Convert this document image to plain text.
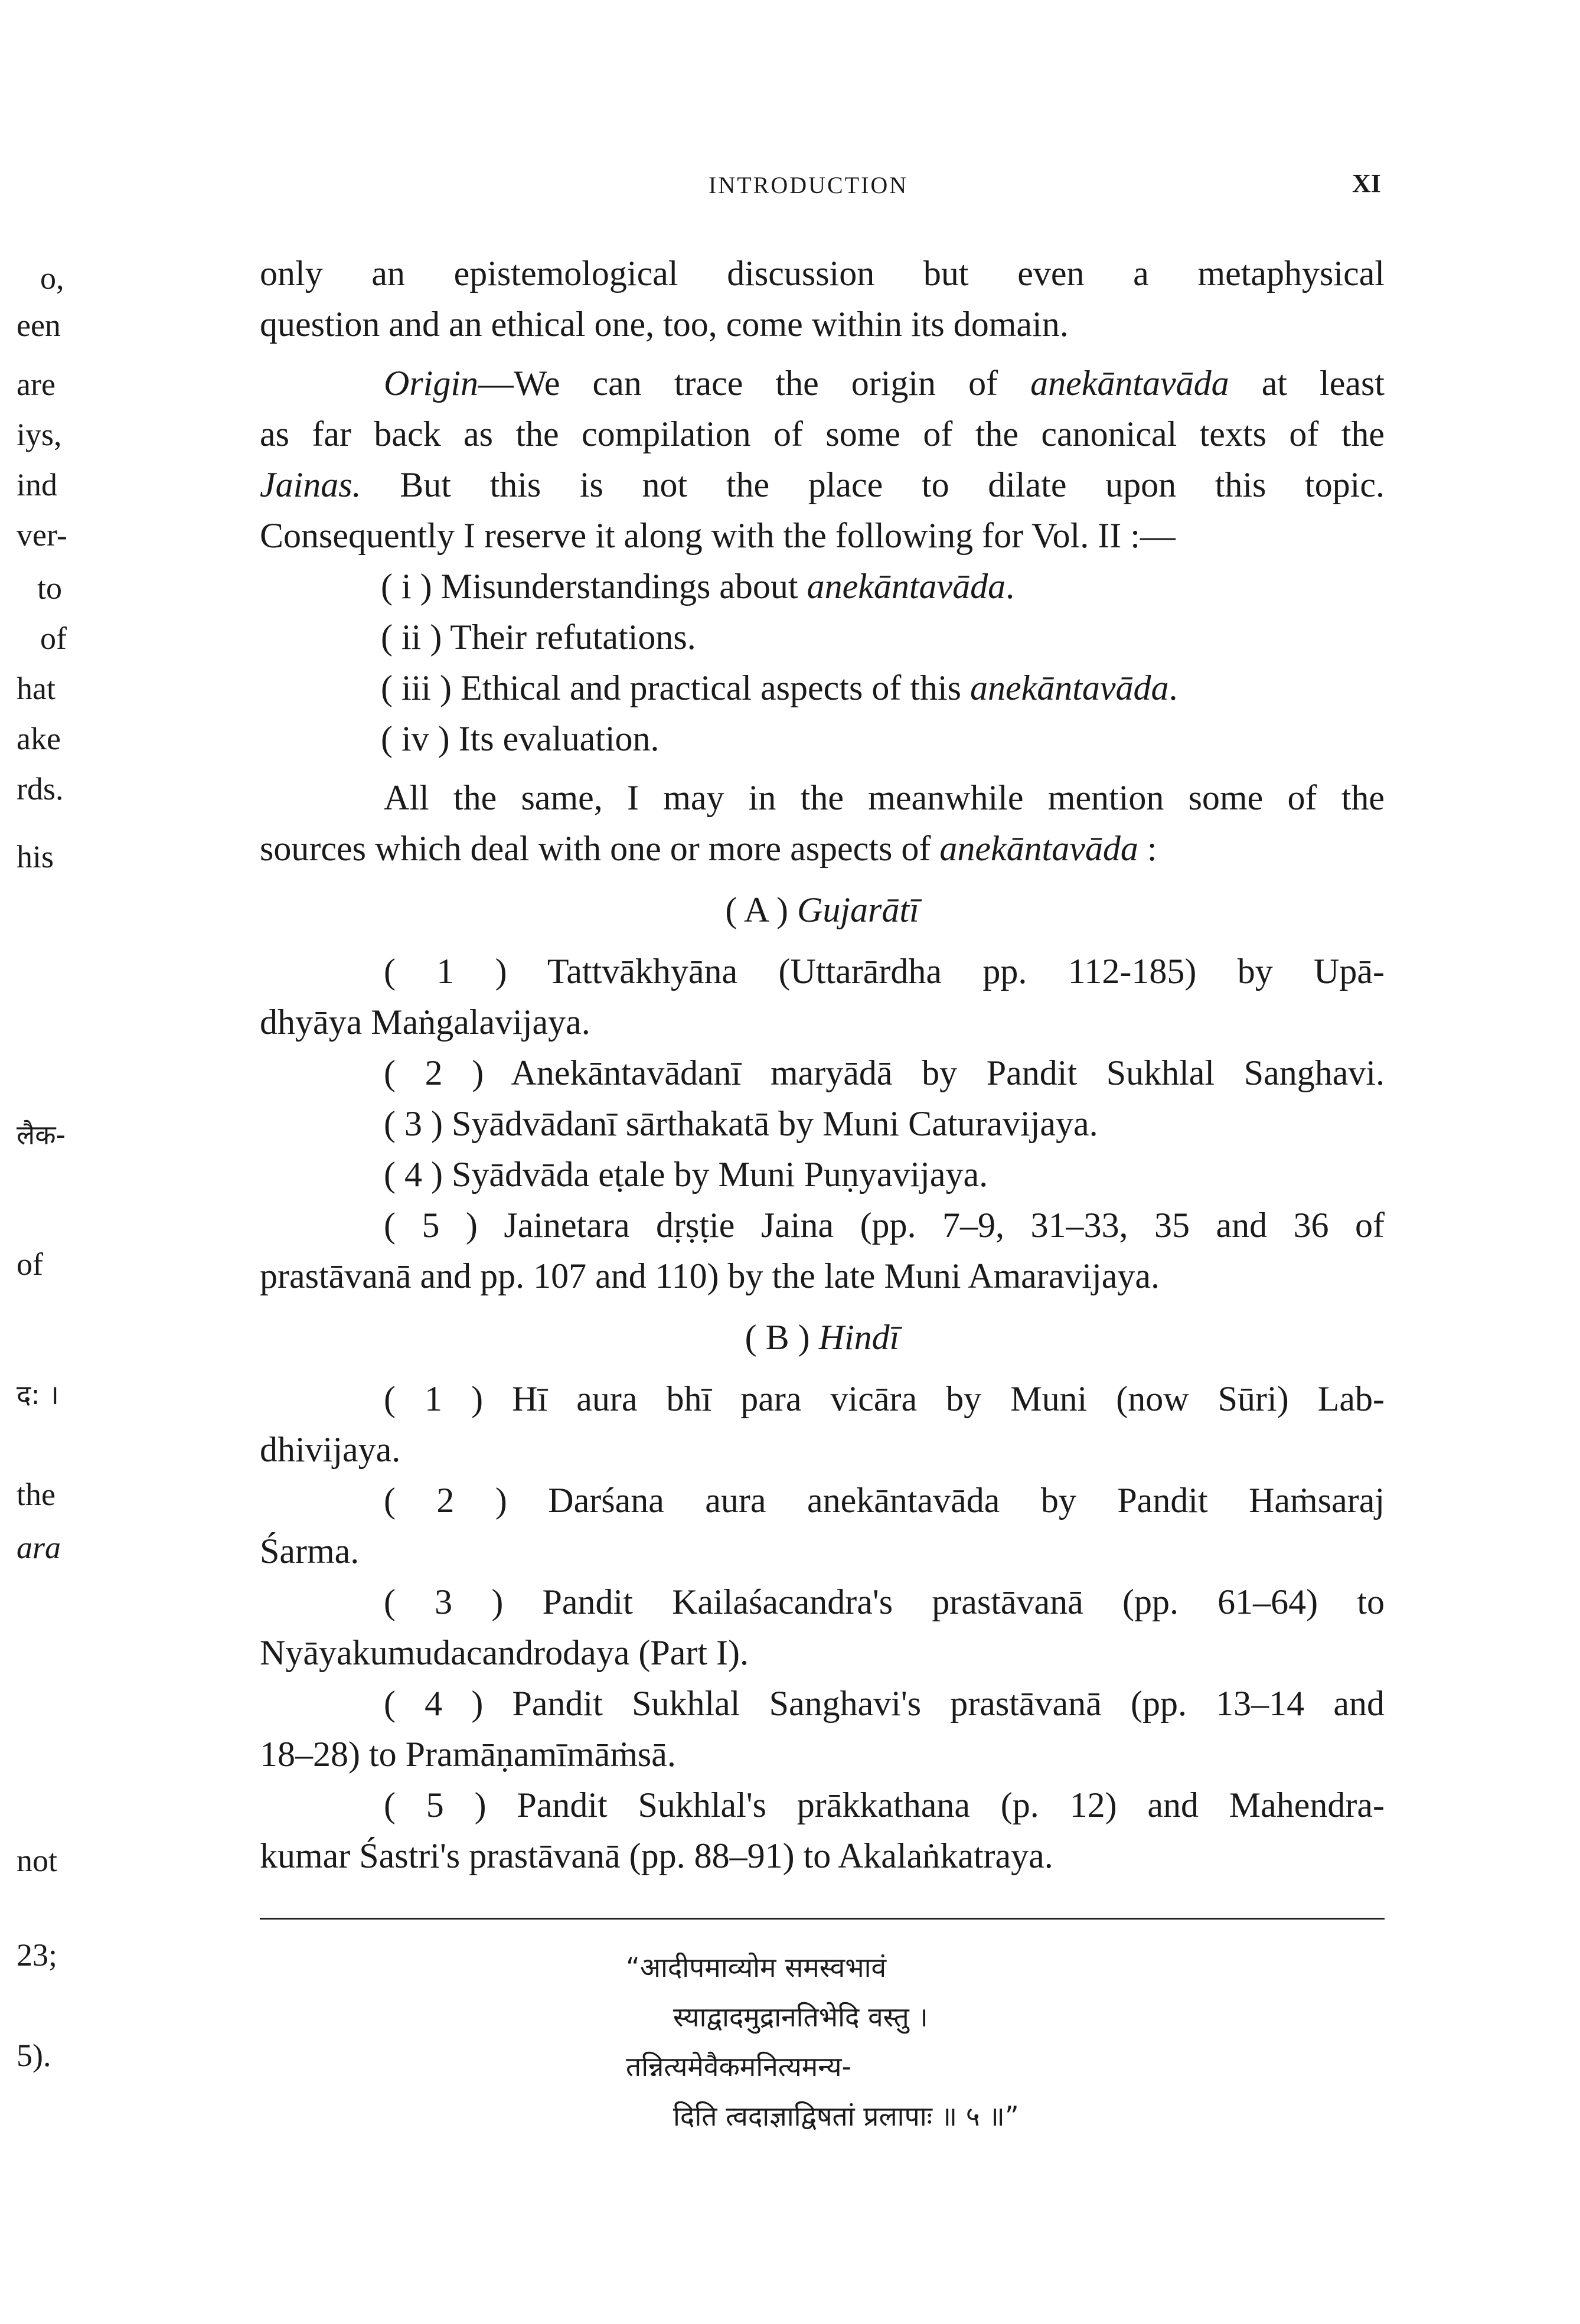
INTRODUCTION	XI
o,
een
are
iys,
ind
ver-
to
of
hat
ake
rds.
his
लैक-
of
द: ।
the
ara
not
23;
5).
only an epistemological discussion but even a metaphysical
question and an ethical one, too, come within its domain.
Origin—We can trace the origin of anekāntavāda at least
as far back as the compilation of some of the canonical texts of the
Jainas. But this is not the place to dilate upon this topic.
Consequently I reserve it along with the following for Vol. II :—
( i ) Misunderstandings about anekāntavāda.
( ii ) Their refutations.
( iii ) Ethical and practical aspects of this anekāntavāda.
( iv ) Its evaluation.
All the same, I may in the meanwhile mention some of the
sources which deal with one or more aspects of anekāntavāda :
( A ) Gujarātī
( 1 ) Tattvākhyāna (Uttarārdha pp. 112-185) by Upā-
dhyāya Maṅgalavijaya.
( 2 ) Anekāntavādanī maryādā by Pandit Sukhlal Sanghavi.
( 3 ) Syādvādanī sārthakatā by Muni Caturavijaya.
( 4 ) Syādvāda eṭale by Muni Puṇyavijaya.
( 5 ) Jainetara dṛṣṭie Jaina (pp. 7–9, 31–33, 35 and 36 of
prastāvanā and pp. 107 and 110) by the late Muni Amaravijaya.
( B ) Hindī
( 1 ) Hī aura bhī para vicāra by Muni (now Sūri) Lab-
dhivijaya.
( 2 ) Darśana aura anekāntavāda by Pandit Haṁsaraj
Śarma.
( 3 ) Pandit Kailaśacandra's prastāvanā (pp. 61–64) to
Nyāyakumudacandrodaya (Part I).
( 4 ) Pandit Sukhlal Sanghavi's prastāvanā (pp. 13–14 and
18–28) to Pramāṇamīmāṁsā.
( 5 ) Pandit Sukhlal's prākkathana (p. 12) and Mahendra-
kumar Śastri's prastāvanā (pp. 88–91) to Akalaṅkatraya.
“आदीपमाव्योम समस्वभावं
स्याद्वादमुद्रानतिभेदि वस्तु ।
तन्नित्यमेवैकमनित्यमन्य-
दिति त्वदाज्ञाद्विषतां प्रलापाः ॥ ५ ॥”
